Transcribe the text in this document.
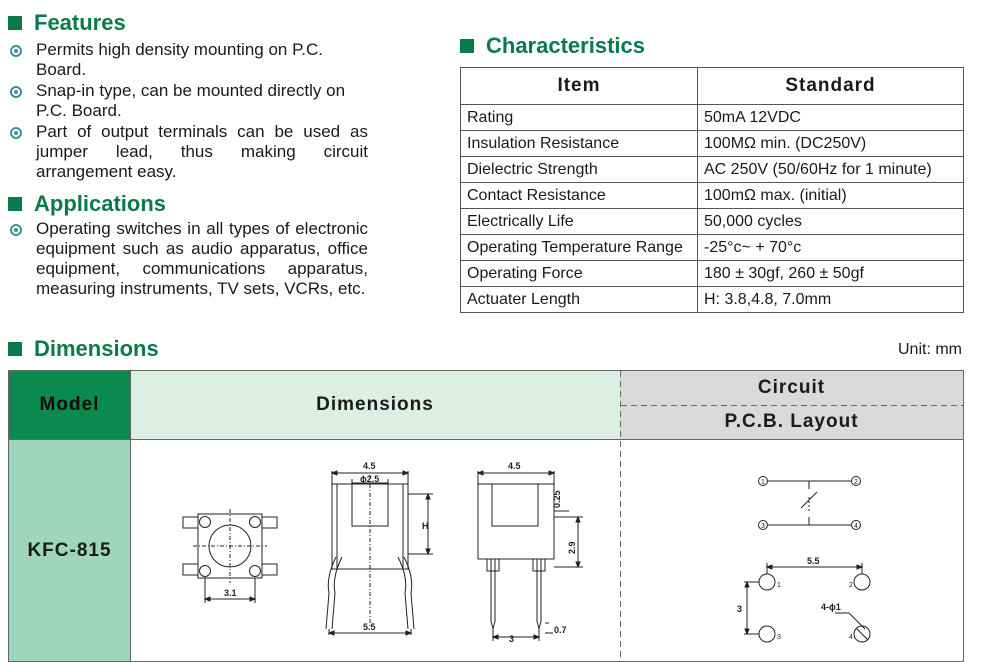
Features
Permits high density mounting on P.C. Board.
Snap-in type, can be mounted directly on P.C. Board.
Part of output terminals can be used as jumper lead, thus making circuit arrangement easy.
Applications
Operating switches in all types of electronic equipment such as audio apparatus, office equipment, communications apparatus, measuring instruments, TV sets, VCRs, etc.
Characteristics
Item	Standard
Rating	50mA 12VDC
Insulation Resistance	100MΩ min. (DC250V)
Dielectric Strength	AC 250V (50/60Hz for 1 minute)
Contact Resistance	100mΩ max. (initial)
Electrically Life	50,000 cycles
Operating Temperature Range	-25°c~ + 70°c
Operating Force	180 ± 30gf, 260 ± 50gf
Actuater Length	H: 3.8,4.8, 7.0mm
Dimensions	Unit: mm
Model	Dimensions
Circuit
P.C.B. Layout
KFC-815
3.1
4.5
ϕ2.5
H
5.5
4.5
0.25
2.9
3
0.7
1	2
3	4
5.5
3	4-ϕ1
1	2
3	4
